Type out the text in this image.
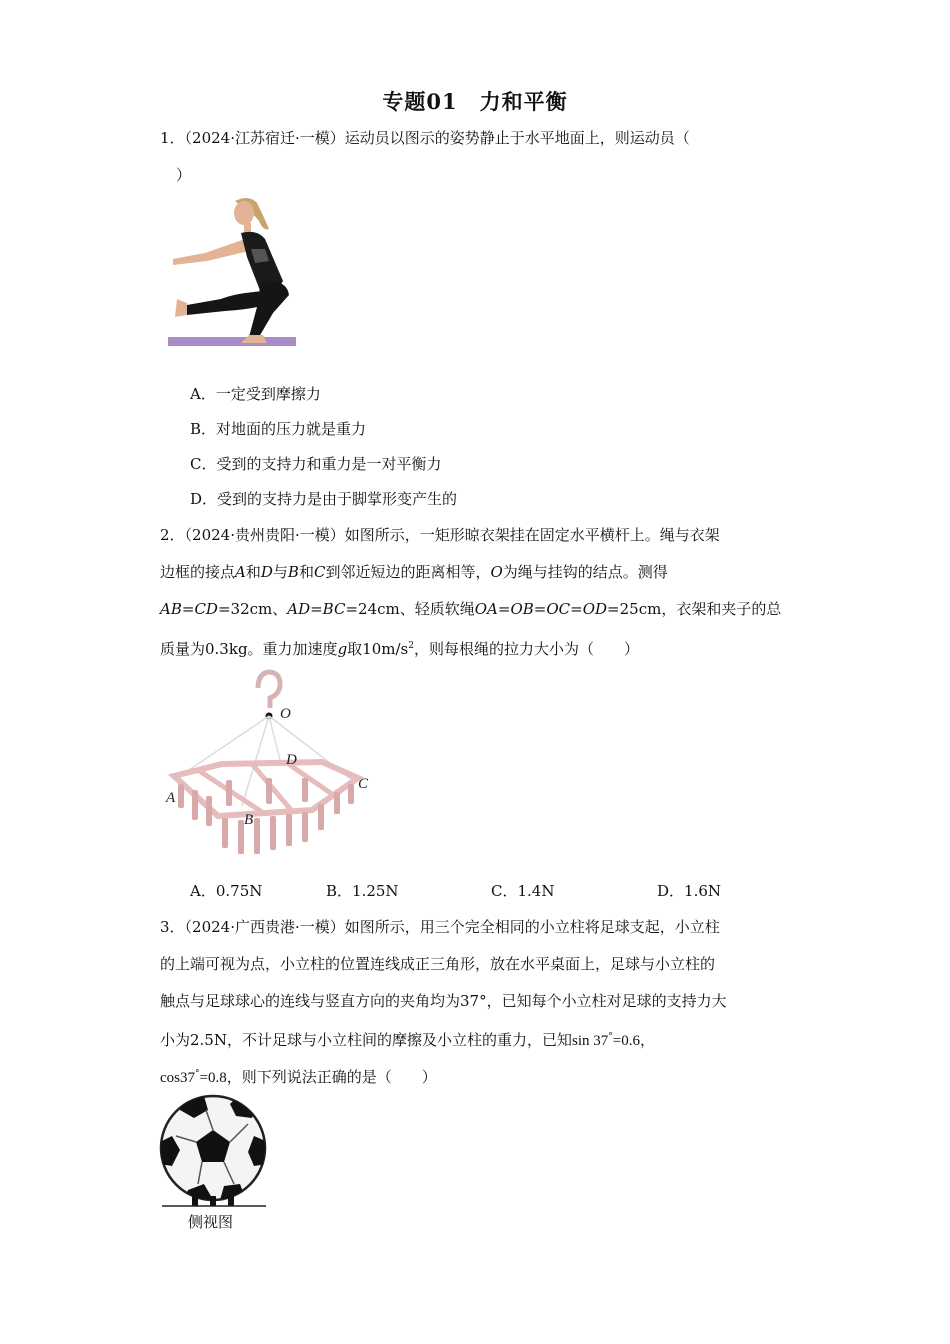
专题01　力和平衡
1．（2024·江苏宿迁·一模）运动员以图示的姿势静止于水平地面上，则运动员（
）
A．一定受到摩擦力
B．对地面的压力就是重力
C．受到的支持力和重力是一对平衡力
D．受到的支持力是由于脚掌形变产生的
2．（2024·贵州贵阳·一模）如图所示，一矩形晾衣架挂在固定水平横杆上。绳与衣架
边框的接点A和D与B和C到邻近短边的距离相等，O为绳与挂钩的结点。测得
AB=CD=32cm、AD=BC=24cm、轻质软绳OA=OB=OC=OD=25cm，衣架和夹子的总
质量为0.3kg。重力加速度g取$10m/s^2$，则每根绳的拉力大小为（　　）
O
D
C
A
B
A．0.75N	B．1.25N	C．1.4N	D．1.6N
3．（2024·广西贵港·一模）如图所示，用三个完全相同的小立柱将足球支起，小立柱
的上端可视为点，小立柱的位置连线成正三角形，放在水平桌面上，足球与小立柱的
触点与足球球心的连线与竖直方向的夹角均为37°，已知每个小立柱对足球的支持力大
小为2.5N，不计足球与小立柱间的摩擦及小立柱的重力，已知sin 37°=0.6，
cos37°=0.8，则下列说法正确的是（　　）
侧视图
